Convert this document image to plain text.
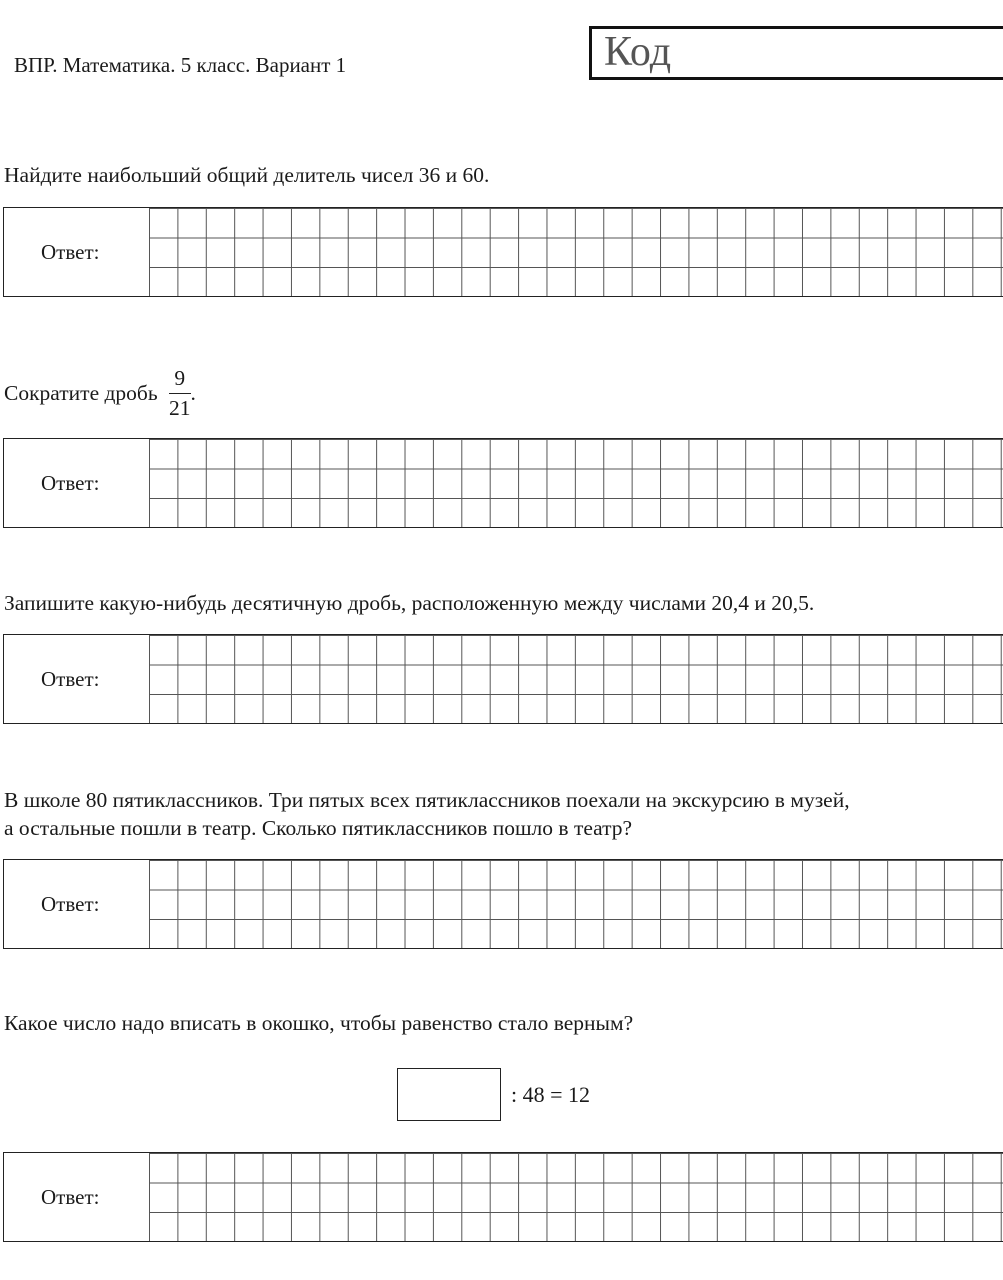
ВПР. Математика. 5 класс. Вариант 1	Код
Найдите наибольший общий делитель чисел 36 и 60.
Ответ:
Сократите дробь $\frac{9}{21}$ .
Ответ:
Запишите какую-нибудь десятичную дробь, расположенную между числами 20,4 и 20,5.
Ответ:
В школе 80 пятиклассников. Три пятых всех пятиклассников поехали на экскурсию в музей,
а остальные пошли в театр. Сколько пятиклассников пошло в театр?
Ответ:
Какое число надо вписать в окошко, чтобы равенство стало верным?
: 48 = 12
Ответ:
